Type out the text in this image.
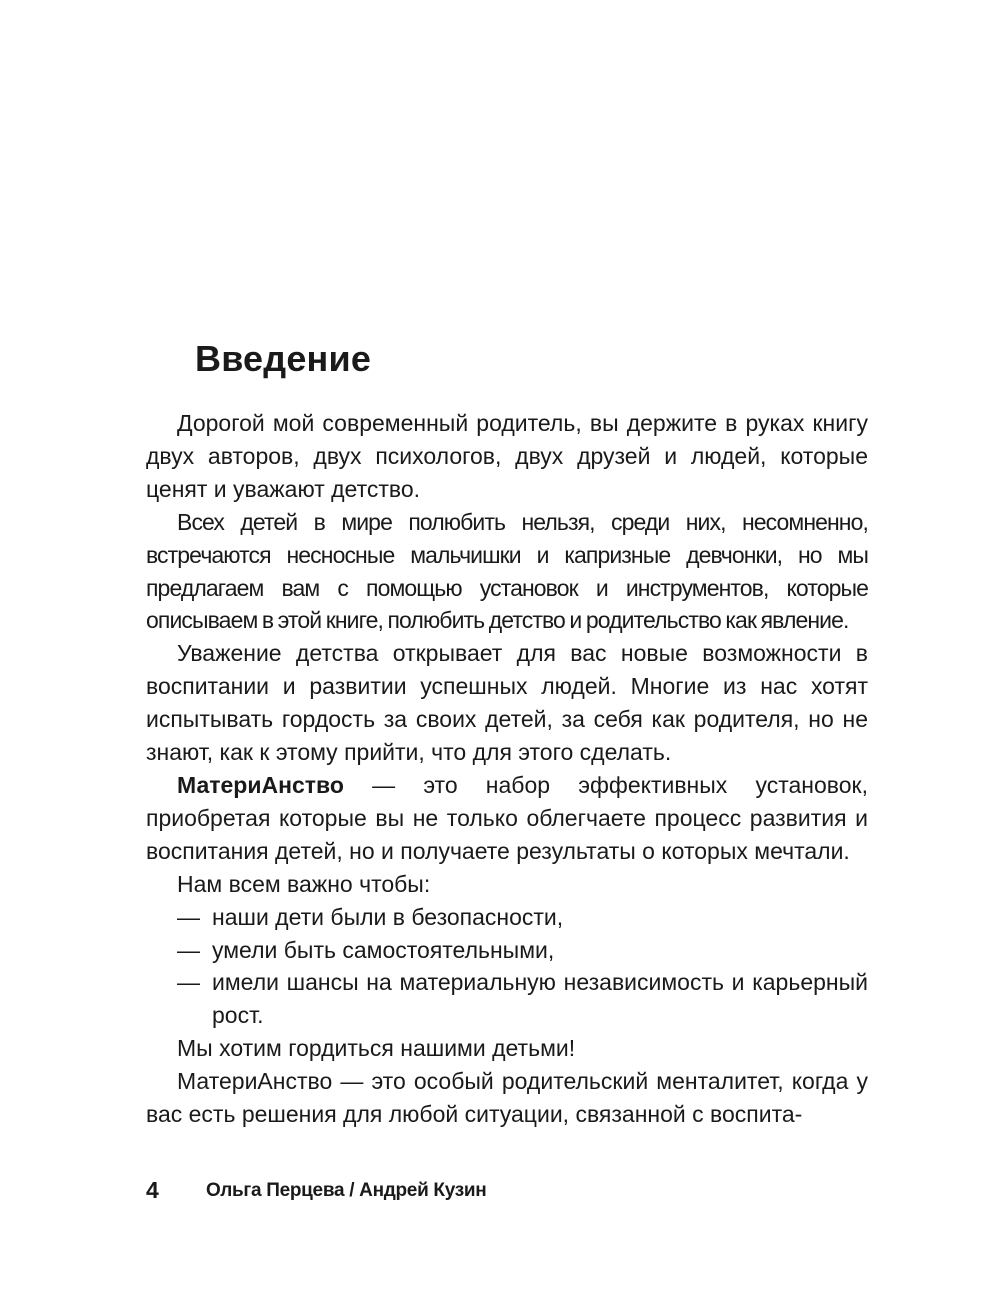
Введение

Дорогой мой современный родитель, вы держите в руках книгу двух авторов, двух психологов, двух друзей и людей, которые ценят и уважают детство.

Всех детей в мире полюбить нельзя, среди них, несомненно, встречаются несносные мальчишки и капризные девчонки, но мы предлагаем вам с помощью установок и инструментов, которые описываем в этой книге, полюбить детство и родительство как явление.

Уважение детства открывает для вас новые возможности в воспитании и развитии успешных людей. Многие из нас хотят испытывать гордость за своих детей, за себя как родителя, но не знают, как к этому прийти, что для этого сделать.

МатериАнство — это набор эффективных установок, приобретая которые вы не только облегчаете процесс развития и воспитания детей, но и получаете результаты о которых мечтали.

Нам всем важно чтобы:

— наши дети были в безопасности,
— умели быть самостоятельными,
— имели шансы на материальную независимость и карьерный рост.

Мы хотим гордиться нашими детьми!

МатериАнство — это особый родительский менталитет, когда у вас есть решения для любой ситуации, связанной с воспита-

4 Ольга Перцева / Андрей Кузин
